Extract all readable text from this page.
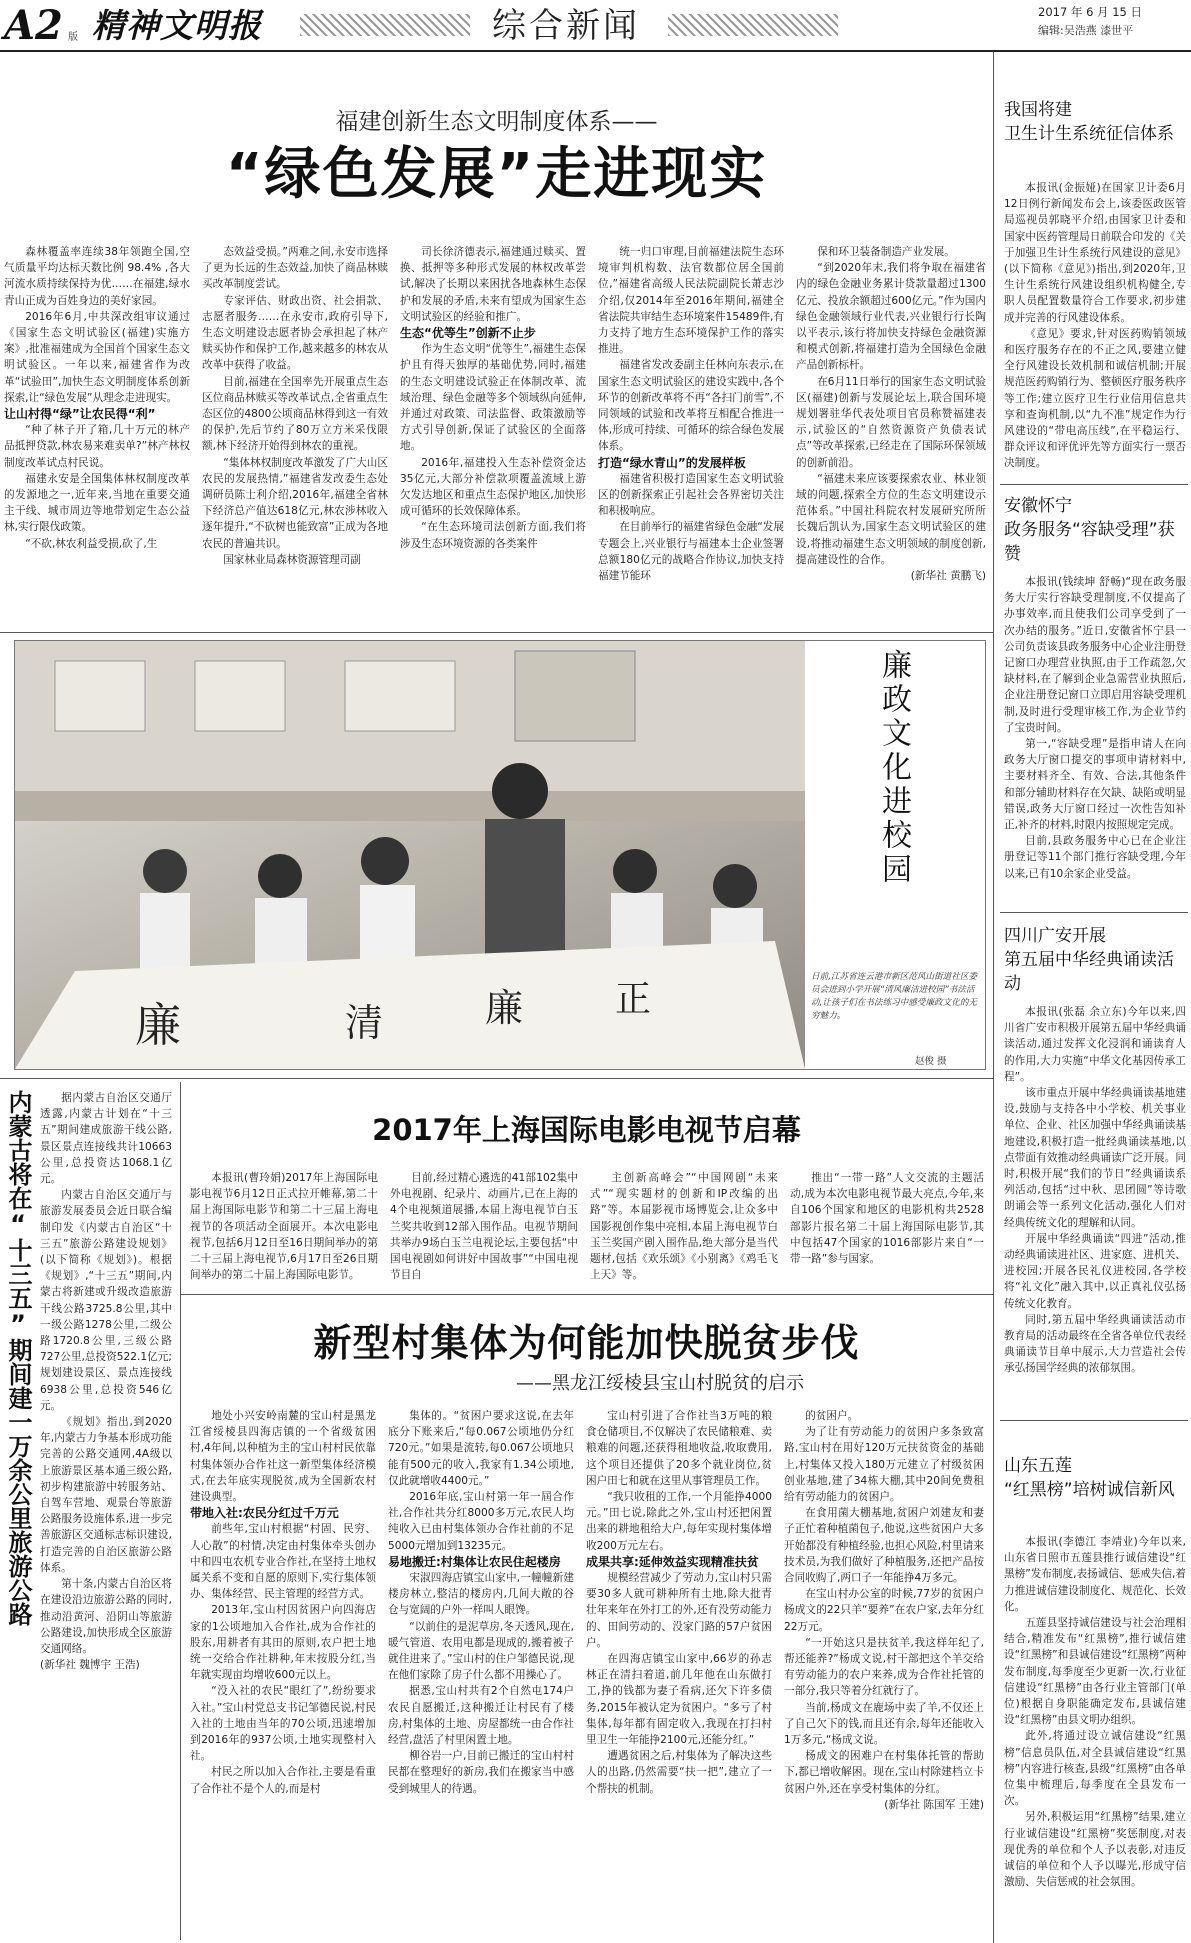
A2 版 精神文明报	综合新闻	2017 年 6 月 15 日
编辑:吴浩燕 漆世平
福建创新生态文明制度体系——
“绿色发展”走进现实

森林覆盖率连续38年领跑全国,空气质量平均达标天数比例 98.4% ,各大河流水质持续保持为优……在福建,绿水青山正成为百姓身边的美好家园。

2016年6月,中共深改组审议通过《国家生态文明试验区(福建)实施方案》,批准福建成为全国首个国家生态文明试验区。一年以来,福建省作为改革“试验田”,加快生态文明制度体系创新探索,让“绿色发展”从理念走进现实。

让山村得“绿”让农民得“利”

“种了林子开了箱,几十万元的林产品抵押贷款,林农易来难卖单?”林产林权制度改革试点村民说。

福建永安是全国集体林权制度改革的发源地之一,近年来,当地在重要交通主干线、城市周边等地带划定生态公益林,实行限伐政策。

“不砍,林农利益受损,砍了,生

态效益受损。”两难之间,永安市选择了更为长远的生态效益,加快了商品林赎买改革制度尝试。

专家评估、财政出资、社会捐款、志愿者服务……在永安市,政府引导下,生态文明建设志愿者协会承担起了林产赎买协作和保护工作,越来越多的林农从改革中获得了收益。

目前,福建在全国率先开展重点生态区位商品林赎买等改革试点,全省重点生态区位的4800公顷商品林得到这一有效的保护,先后节约了80万立方米采伐限额,林下经济开始得到林农的重视。

“集体林权制度改革激发了广大山区农民的发展热情,”福建省发改委生态处调研员陈士利介绍,2016年,福建全省林下经济总产值达618亿元,林农涉林收入逐年提升,“不砍树也能致富”正成为各地农民的普遍共识。

国家林业局森林资源管理司副

司长徐济德表示,福建通过赎买、置换、抵押等多种形式发展的林权改革尝试,解决了长期以来困扰各地森林生态保护和发展的矛盾,未来有望成为国家生态文明试验区的经验和推广。

生态“优等生”创新不止步

作为生态文明“优等生”,福建生态保护且有得天独厚的基础优势,同时,福建的生态文明建设试验正在体制改革、流域治理、绿色金融等多个领域纵向延伸,并通过对政策、司法监督、政策激励等方式引导创新,保证了试验区的全面落地。

2016年,福建投入生态补偿资金达35亿元,大部分补偿款项覆盖流域上游欠发达地区和重点生态保护地区,加快形成可循环的长效保障体系。

“在生态环境司法创新方面,我们将涉及生态环境资源的各类案件

统一归口审理,目前福建法院生态环境审判机构数、法官数都位居全国前位,”福建省高级人民法院副院长萧志沙介绍,仅2014年至2016年期间,福建全省法院共审结生态环境案件15489件,有力支持了地方生态环境保护工作的落实推进。

福建省发改委副主任林向东表示,在国家生态文明试验区的建设实践中,各个环节的创新改革将不再“各扫门前雪”,不同领域的试验和改革将互相配合推进一体,形成可持续、可循环的综合绿色发展体系。

打造“绿水青山”的发展样板

福建省积极打造国家生态文明试验区的创新探索正引起社会各界密切关注和积极响应。

在目前举行的福建省绿色金融“发展专题会上,兴业银行与福建本土企业签署总额180亿元的战略合作协议,加快支持福建节能环

保和环卫装备制造产业发展。

“到2020年末,我们将争取在福建省内的绿色金融业务累计贷款量超过1300亿元、投放余额超过600亿元。”作为国内绿色金融领域行业代表,兴业银行行长陶以平表示,该行将加快支持绿色金融资源和模式创新,将福建打造为全国绿色金融产品创新标杆。

在6月11日举行的国家生态文明试验区(福建)创新与发展论坛上,联合国环境规划署驻华代表处项目官员称赞福建表示,试验区的“自然资源资产负债表试点”等改革探索,已经走在了国际环保领域的创新前沿。

“福建未来应该要探索农业、林业领域的问题,探索全方位的生态文明建设示范体系。”中国社科院农村发展研究所所长魏后凯认为,国家生态文明试验区的建设,将推动福建生态文明领域的制度创新,提高建设性的合作。

(新华社 黄鹏飞)

廉	清	廉	正
廉政文化进校园
日前,江苏省连云港市新区范风山街道社区委员会进到小学开展“清风廉洁进校园”书法活动,让孩子们在书法练习中感受廉政文化的无穷魅力。
赵俊 摄
内蒙古将在“十三五”期间建一万余公里旅游公路	据内蒙古自治区交通厅透露,内蒙古计划在“十三五”期间建成旅游干线公路,景区景点连接线共计10663公里,总投资达1068.1亿元。

内蒙古自治区交通厅与旅游发展委员会近日联合编制印发《内蒙古自治区“十三五”旅游公路建设规划》(以下简称《规划》)。根据《规划》,“十三五”期间,内蒙古将新建或升级改造旅游干线公路3725.8公里,其中一级公路1278公里,二级公路1720.8公里,三级公路727公里,总投资522.1亿元;规划建设景区、景点连接线6938公里,总投资546亿元。

《规划》指出,到2020年,内蒙古力争基本形成功能完善的公路交通网,4A级以上旅游景区基本通三级公路,初步构建旅游中转服务站、自驾车营地、观景台等旅游公路服务设施体系,进一步完善旅游区交通标志标识建设,打造完善的自治区旅游公路体系。

第十条,内蒙古自治区将在建设沿边旅游公路的同时,推动沿黄河、沿阴山等旅游公路建设,加快形成全区旅游交通网络。

(新华社 魏博宇 王浩)

2017年上海国际电影电视节启幕

本报讯(曹玲娟)2017年上海国际电影电视节6月12日正式拉开帷幕,第二十届上海国际电影节和第二十三届上海电视节的各项活动全面展开。本次电影电视节,包括6月12日至16日期间举办的第二十三届上海电视节,6月17日至26日期间举办的第二十届上海国际电影节。

目前,经过精心遴选的41部102集中外电视剧、纪录片、动画片,已在上海的4个电视频道展播,本届上海电视节白玉兰奖共收到12部入围作品。电视节期间共举办9场白玉兰电视论坛,主要包括“中国电视剧如何讲好中国故事”“中国电视节目自

主创新高峰会”“中国网剧“未来式”“现实题材的创新和IP改编的出路”等。本届影视市场博览会,让众多中国影视创作集中亮相,本届上海电视节白玉兰奖国产剧入围作品,绝大部分是当代题材,包括《欢乐颂》《小别离》《鸡毛飞上天》等。

推出“一带一路”人文交流的主题活动,成为本次电影电视节最大亮点,今年,来自106个国家和地区的电影机构共2528部影片报名第二十届上海国际电影节,其中包括47个国家的1016部影片来自“一带一路”参与国家。

新型村集体为何能加快脱贫步伐
——黑龙江绥棱县宝山村脱贫的启示

地处小兴安岭南麓的宝山村是黑龙江省绥棱县四海店镇的一个省级贫困村,4年间,以种植为主的宝山村村民依靠村集体领办合作社这一新型集体经济模式,在去年底实现脱贫,成为全国新农村建设典型。

带地入社:农民分红过千万元

前些年,宝山村根据“村固、民穷、人心散”的村情,决定由村集体牵头创办中和四屯农机专业合作社,在坚持土地权属关系不变和自愿的原则下,实行集体领办、集体经营、民主管理的经营方式。

2013年,宝山村因贫困户向四海店家的1公顷地加入合作社,成为合作社的股东,用耕者有其田的原则,农户把土地统一交给合作社耕种,年末按股分红,当年就实现亩均增收600元以上。

“没入社的农民“眼红了”,纷纷要求入社。”宝山村党总支书记邹德民说,村民入社的土地由当年的70公顷,迅速增加到2016年的937公顷,土地实现整村入社。

村民之所以加入合作社,主要是看重了合作社不是个人的,而是村

集体的。“贫困户要求这说,在去年底分下账来后,“每0.067公顷地仍分红720元。”如果是流转,每0.067公顷地只能有500元的收入,我家有1.34公顷地,仅此就增收4400元。”

2016年底,宝山村第一年一屆合作社,合作社共分红8000多万元,农民人均纯收入已由村集体领办合作社前的不足5000元增加到13235元。

易地搬迁:村集体让农民住起楼房

宋淑四海店镇宝山家中,一幢幢新建楼房林立,整洁的楼房内,几间大敞的谷仓与宽阔的户外一样叫人眼馋。

“以前住的是泥草房,冬天透风,现在,暖气管道、农用电都是现成的,搬着被子就住进来了。”宝山村的住户邹德民说,现在他们家除了房子什么都不用操心了。

据悉,宝山村共有2个自然屯174户农民自愿搬迁,这种搬迁让村民有了楼房,村集体的土地、房屋都统一由合作社经营,盘活了村里闲置土地。

柳谷岩一户,目前已搬迁的宝山村村民都在整理好的新房,我们在搬家当中感受到城里人的待遇。

宝山村引进了合作社当3万吨的粮食仓储项目,不仅解决了农民储粮难、卖粮难的问题,还获得租地收益,收取费用,这个项目还提供了20多个就业岗位,贫困户田七和就在这里从事管理员工作。

“我只收租的工作,一个月能挣4000元。”田七说,除此之外,宝山村还把闲置出来的耕地租给大户,每年实现村集体增收200万元左右。

成果共享:延伸效益实现精准扶贫

规模经营减少了劳动力,宝山村只需要30多人就可耕种所有土地,除大批青壮年来年在外打工的外,还有没劳动能力的、田间劳动的、没家门路的57户贫困户。

在四海店镇宝山家中,66岁的孙志林正在清扫着道,前几年他在山东做打工,挣的钱都为妻子看病,还欠下许多债务,2015年被认定为贫困户。“多亏了村集体,每年都有固定收入,我现在打扫村里卫生一年能挣2100元,还能分红。”

遭遇贫困之后,村集体为了解决这些人的出路,仍然需要“扶一把”,建立了一个帮扶的机制。

的贫困户。

为了让有劳动能力的贫困户多条致富路,宝山村在用好120万元扶贫资金的基础上,村集体又投入180万元建立了村级贫困创业基地,建了34栋大棚,其中20间免费租给有劳动能力的贫困户。

在食用菌大棚基地,贫困户刘建友和妻子正忙着种植菌包子,他说,这些贫困户大多开始都没有种植经验,也担心风险,村里请来技术员,为我们做好了种植服务,还把产品按合同收购了,两口子一年能挣4万多元。

在宝山村办公室的时候,77岁的贫困户杨成文的22只羊“要养”在农户家,去年分红22万元。

“一开始这只是扶贫羊,我这样年纪了,帮还能养?”杨成文说,村干部把这个羊交给有劳动能力的农户来养,成为合作社托管的一部分,我只等着分红就行了。

当前,杨成文在鹿场中卖了羊,不仅还上了自己欠下的钱,而且还有余,每年还能收入1万多元,“杨成文说。

杨成文的困难户在村集体托管的帮助下,都已增收解困。现在,宝山村除建档立卡贫困户外,还在享受村集体的分红。

(新华社 陈国军 王建)

我国将建
卫生计生系统征信体系

本报讯(金振娅)在国家卫计委6月12日例行新闻发布会上,该委医政医管局巡视员郭晓平介绍,由国家卫计委和国家中医药管理局日前联合印发的《关于加强卫生计生系统行风建设的意见》(以下简称《意见》)指出,到2020年,卫生计生系统行风建设组织机构健全,专职人员配置数量符合工作要求,初步建成并完善的行风建设体系。

《意见》要求,针对医药购销领域和医疗服务存在的不正之风,要建立健全行风建设长效机制和诚信机制;开展规范医药购销行为、整顿医疗服务秩序等工作;建立医疗卫生行业信用信息共享和查询机制,以“九不准”规定作为行风建设的“带电高压线”,在平稳运行、群众评议和评优评先等方面实行一票否决制度。

安徽怀宁
政务服务“容缺受理”获赞

本报讯(钱续坤 舒畅)“现在政务服务大厅实行容缺受理制度,不仅提高了办事效率,而且使我们公司享受到了一次办结的服务。”近日,安徽省怀宁县一公司负责该县政务服务中心企业注册登记窗口办理营业执照,由于工作疏忽,欠缺材料,在了解到企业急需营业执照后,企业注册登记窗口立即启用容缺受理机制,及时进行受理审核工作,为企业节约了宝贵时间。

第一,“容缺受理”是指申请人在向政务大厅窗口提交的事项申请材料中,主要材料齐全、有效、合法,其他条件和部分辅助材料存在欠缺、缺陷或明显错误,政务大厅窗口经过一次性告知补正,补齐的材料,时限内按照规定完成。

目前,县政务服务中心已在企业注册登记等11个部门推行容缺受理,今年以来,已有10余家企业受益。

四川广安开展
第五届中华经典诵读活动

本报讯(张磊 余立东)今年以来,四川省广安市积极开展第五届中华经典诵读活动,通过发挥文化浸润和诵读育人的作用,大力实施“中华文化基因传承工程”。

该市重点开展中华经典诵读基地建设,鼓励与支持各中小学校、机关事业单位、企业、社区加强中华经典诵读基地建设,积极打造一批经典诵读基地,以点带面有效推动经典诵读广泛开展。同时,积极开展“我们的节日”经典诵读系列活动,包括“过中秋、思团圆”等诗歌朗诵会等一系列文化活动,强化人们对经典传统文化的理解和认同。

开展中华经典诵读“四进”活动,推动经典诵读进社区、进家庭、进机关、进校园;开展各民礼仪进校园,各学校将“礼文化”融入其中,以正真礼仪弘扬传统文化教育。

同时,第五届中华经典诵读活动市教育局的活动最终在全省各单位代表经典诵读节目单中展示,大力营造社会传承弘扬国学经典的浓郁氛围。

山东五莲
“红黑榜”培树诚信新风

本报讯(李德江 李靖业)今年以来,山东省日照市五莲县推行诚信建设“红黑榜”发布制度,表扬诚信、惩戒失信,着力推进诚信建设制度化、规范化、长效化。

五莲县坚持诚信建设与社会治理相结合,精准发布“红黑榜”,推行诚信建设“红黑榜”和县诚信建设“红黑榜”两种发布制度,每季度至少更新一次,行业征信建设“红黑榜”由各行业主管部门(单位)根据自身职能确定发布,县诚信建设“红黑榜”由县文明办组织。

此外,将通过设立诚信建设“红黑榜”信息员队伍,对全县诚信建设“红黑榜”内容进行核查,县级“红黑榜”由各单位集中梳理后,每季度在全县发布一次。

另外,积极运用“红黑榜”结果,建立行业诚信建设“红黑榜”奖惩制度,对表现优秀的单位和个人予以表彰,对违反诚信的单位和个人予以曝光,形成守信激励、失信惩戒的社会氛围。
